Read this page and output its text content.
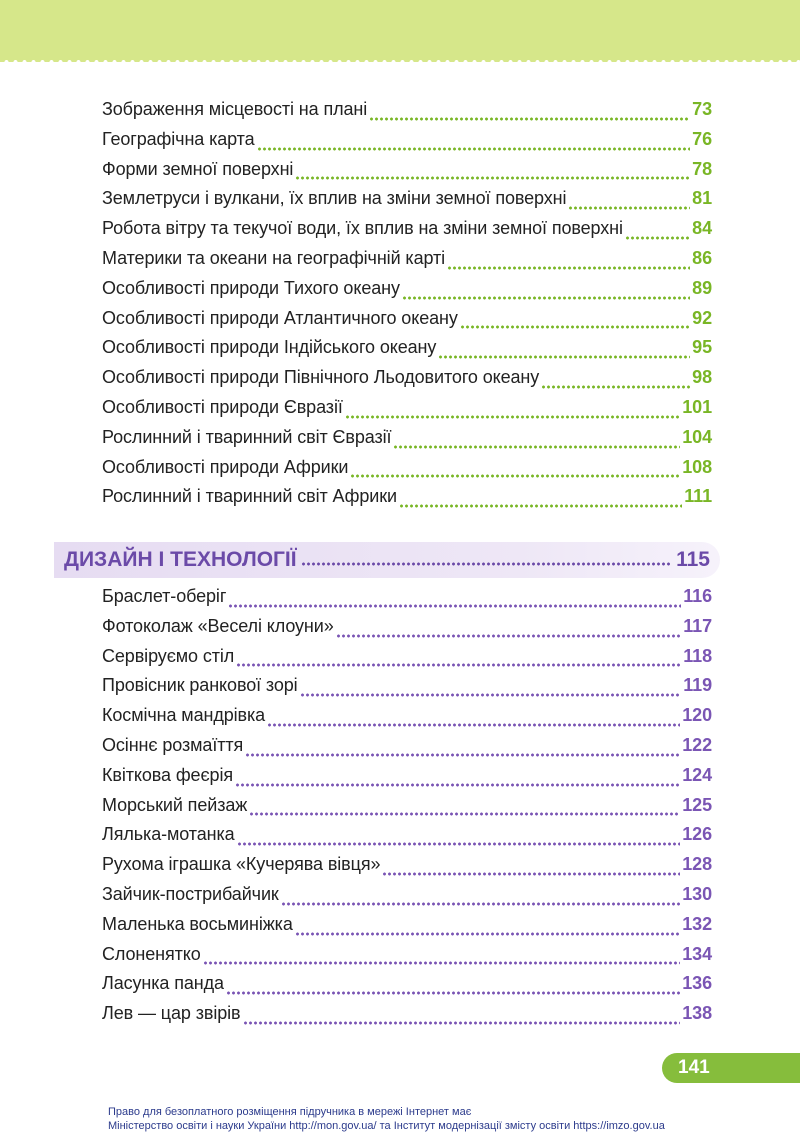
Зображення місцевості на плані	73
Географічна карта	76
Форми земної поверхні	78
Землетруси і вулкани, їх вплив на зміни земної поверхні	81
Робота вітру та текучої води, їх вплив на зміни земної поверхні	84
Материки та океани на географічній карті	86
Особливості природи Тихого океану	89
Особливості природи Атлантичного океану	92
Особливості природи Індійського океану	95
Особливості природи Північного Льодовитого океану	98
Особливості природи Євразії	101
Рослинний і тваринний світ Євразії	104
Особливості природи Африки	108
Рослинний і тваринний світ Африки	111
ДИЗАЙН І ТЕХНОЛОГІЇ	115
Браслет-оберіг	116
Фотоколаж «Веселі клоуни»	117
Сервіруємо стіл	118
Провісник ранкової зорі	119
Космічна мандрівка	120
Осіннє розмаїття	122
Квіткова феєрія	124
Морський пейзаж	125
Лялька-мотанка	126
Рухома іграшка «Кучерява вівця»	128
Зайчик-пострибайчик	130
Маленька восьминіжка	132
Слоненятко	134
Ласунка панда	136
Лев — цар звірів	138
141
Право для безоплатного розміщення підручника в мережі Інтернет має
Міністерство освіти і науки України http://mon.gov.ua/ та Інститут модернізації змісту освіти https://imzo.gov.ua
